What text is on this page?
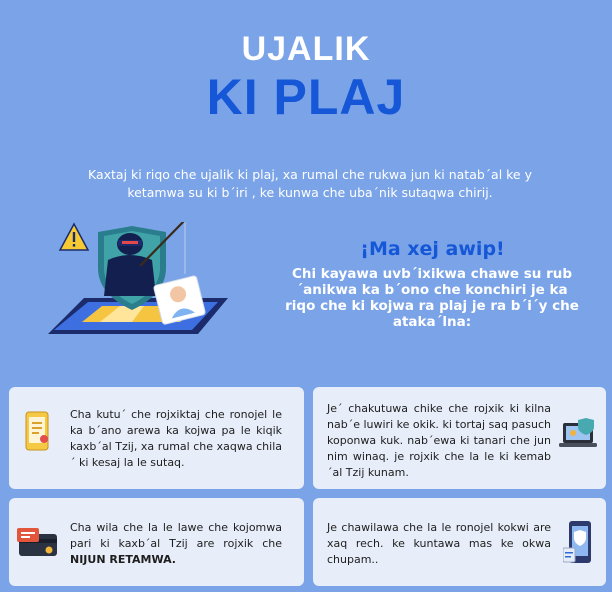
UJALIK
KI PLAJ
Kaxtaj ki riqo che ujalik ki plaj, xa rumal che rukwa jun ki natab´al ke y ketamwa su ki b´iri , ke kunwa che uba´nik sutaqwa chirij.
¡Ma xej awip!
Chi kayawa uvb´ixikwa chawe su rub´anikwa ka b´ono che konchiri je ka riqo che ki kojwa ra plaj je ra b´i´y che ataka´lna:
Cha kutu´ che rojxiktaj che ronojel le ka b´ano arewa ka kojwa pa le kiqik kaxb´al Tzij, xa rumal che xaqwa chila´ ki kesaj la le sutaq.
Je´ chakutuwa chike che rojxik ki kilna nab´e luwiri ke okik. ki tortaj saq pasuch koponwa kuk. nab´ewa ki tanari che jun nim winaq. je rojxik che la le ki kemab´al Tzij kunam.
Cha wila che la le lawe che kojomwa pari ki kaxb´al Tzij are rojxik che NIJUN RETAMWA.
Je chawilawa che la le ronojel kokwi are xaq rech. ke kuntawa mas ke okwa chupam..
